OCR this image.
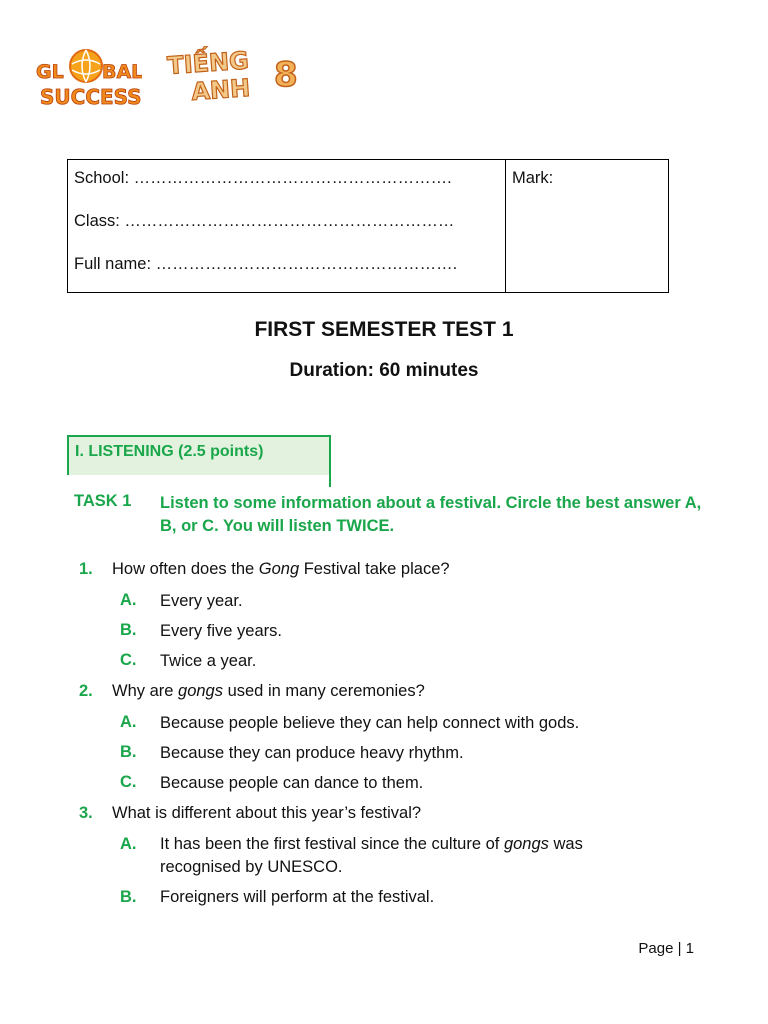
GL BAL
SUCCESS
TIẾNG
ANH 8
School: ………………………………………………….
Class: ……………………………………………………
Full name: ……………………………………………….
Mark:
FIRST SEMESTER TEST 1
Duration: 60 minutes
I. LISTENING (2.5 points)
TASK 1 Listen to some information about a festival. Circle the best answer A, B, or C. You will listen TWICE.
1. How often does the Gong Festival take place?
A. Every year.
B. Every five years.
C. Twice a year.
2. Why are gongs used in many ceremonies?
A. Because people believe they can help connect with gods.
B. Because they can produce heavy rhythm.
C. Because people can dance to them.
3. What is different about this year’s festival?
A. It has been the first festival since the culture of gongs was recognised by UNESCO.
B. Foreigners will perform at the festival.
Page | 1
